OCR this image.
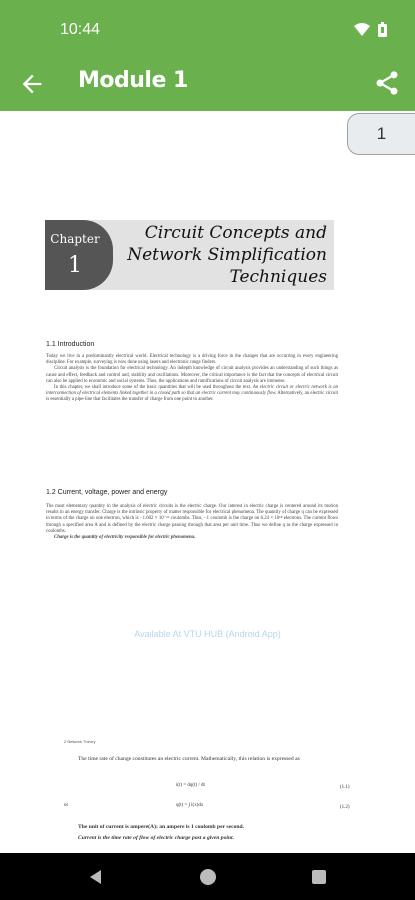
10:44
Module 1
Chapter
1
Circuit Concepts and Network Simplification Techniques
1.1 Introduction

Today we live in a predominantly electrical world. Electrical technology is a driving force in the changes that are occurring in every engineering discipline. For example, surveying is now done using lasers and electronic range finders.

Circuit analysis is the foundation for electrical technology. An indepth knowledge of circuit analysis provides an understanding of such things as cause and effect, feedback and control and, stability and oscillations. Moreover, the critical importance is the fact that the concepts of electrical circuit can also be applied to economic and social systems. Thus, the applications and ramifications of circuit analysis are immense.

In this chapter, we shall introduce some of the basic quantities that will be used throughout the text. An electric circuit or electric network is an interconnection of electrical elements linked together in a closed path so that an electric current may continuously flow. Alternatively, an electric circuit is essentially a pipe-line that facilitates the transfer of charge from one point to another.

1.2 Current, voltage, power and energy

The most elementary quantity in the analysis of electric circuits is the electric charge. Our interest in electric charge is centered around its motion results in an energy transfer. Charge is the intrinsic property of matter responsible for electrical phenomena. The quantity of charge q can be expressed in terms of the charge on one electron, which is −1.602 × 10⁻¹⁹ coulombs. Thus, −1 coulomb is the charge on 6.24 × 10¹⁸ electrons. The current flows through a specified area A and is defined by the electric charge passing through that area per unit time. Thus we define q as the charge expressed in coulombs.

Charge is the quantity of electricity responsible for electric phenomena.

Available At VTU HUB (Android App)
2 Network Theory
The time rate of change constitutes an electric current. Mathematically, this relation is expressed as
i(t) = dq(t) / dt	(1.1)
or	q(t) = ∫ i(x)dx	(1.2)
The unit of current is ampere(A); an ampere is 1 coulomb per second.
Current is the time rate of flow of electric charge past a given point.
1
